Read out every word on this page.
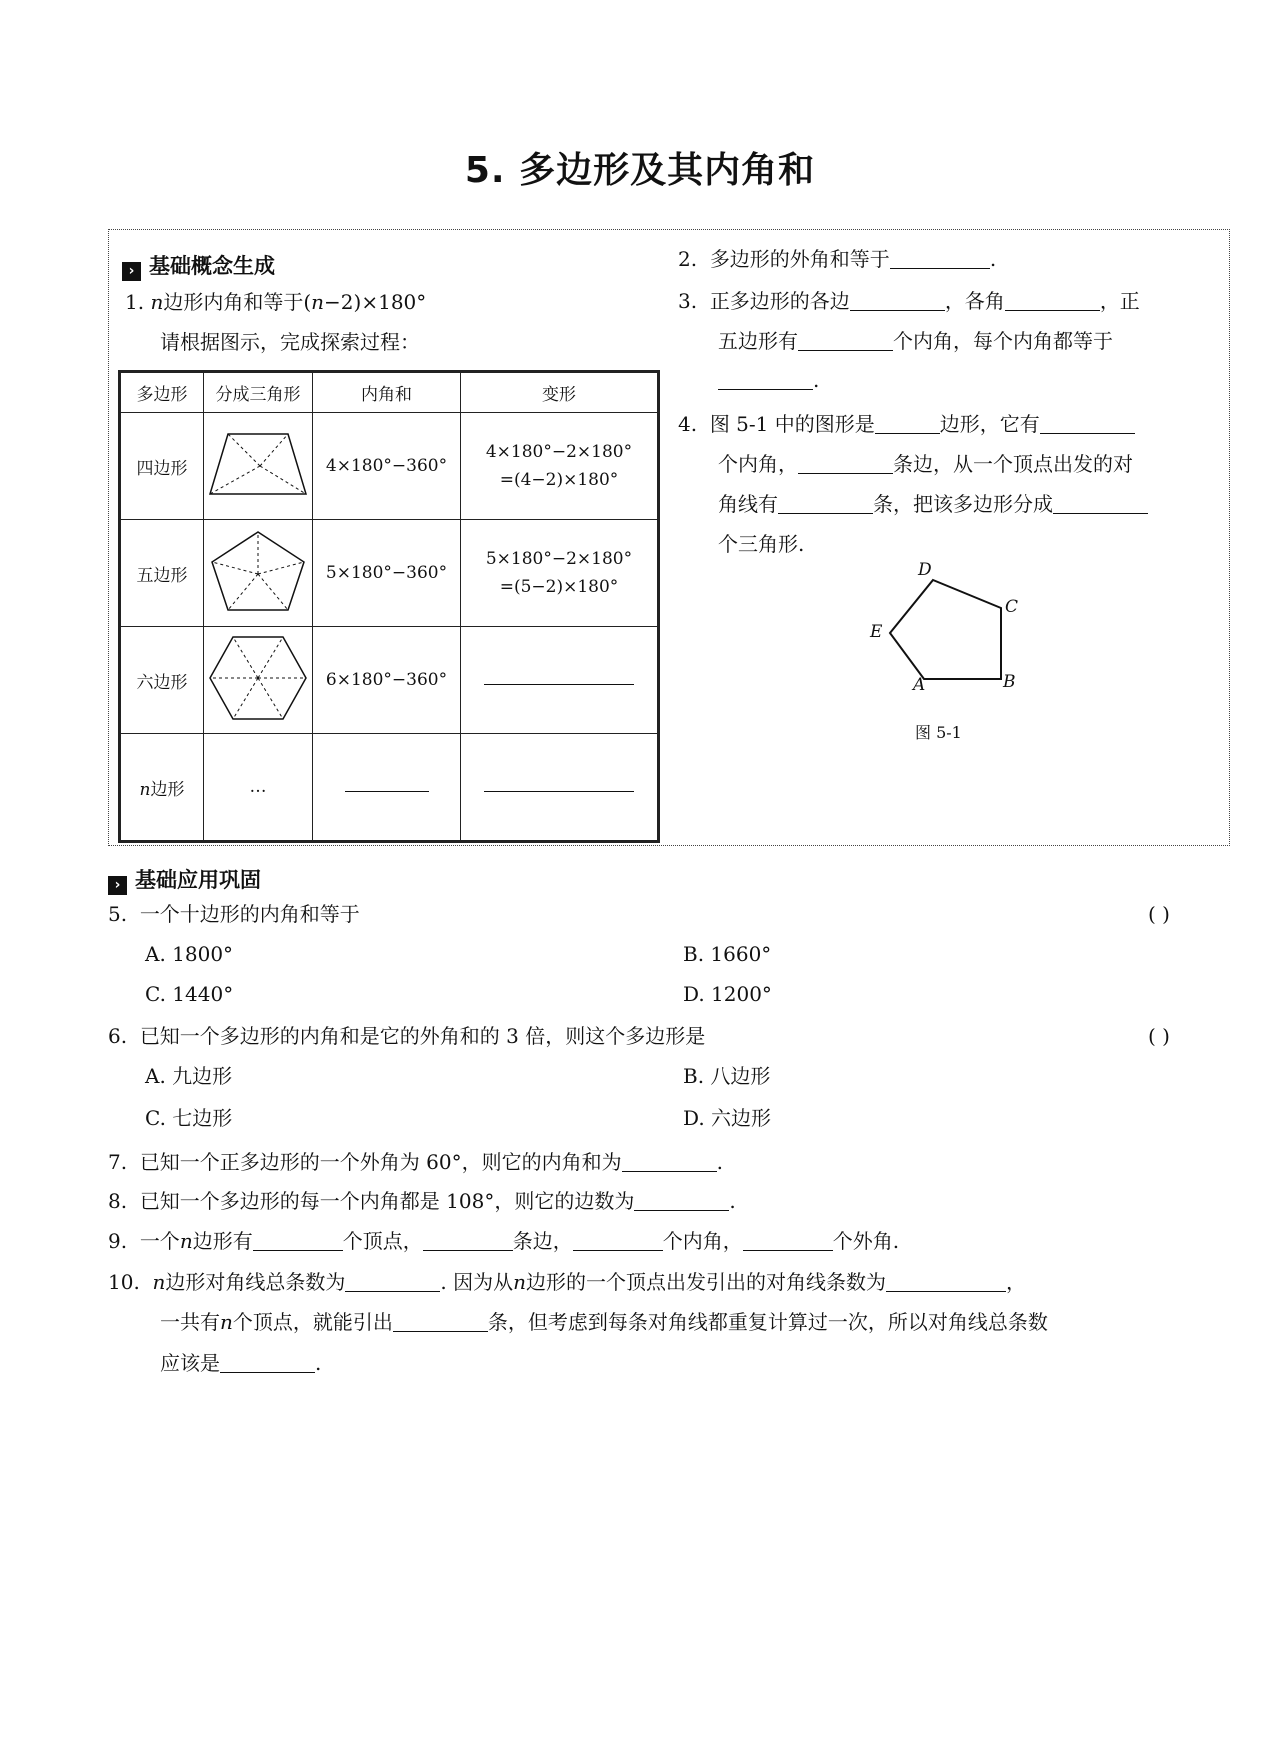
5. 多边形及其内角和
› 基础概念生成
1. n边形内角和等于(n−2)×180°
请根据图示，完成探索过程：
多边形	分成三角形	内角和	变形
四边形		4×180°−360°	4×180°−2×180°
=(4−2)×180°

五边形		5×180°−360°	5×180°−2×180°
=(5−2)×180°

六边形		6×180°−360°	
n边形	…		
2. 多边形的外角和等于	.
3. 正多边形的各边	，各角	，正
五边形有	个内角，每个内角都等于
.
4. 图 5-1 中的图形是	边形，它有
个内角，	条边，从一个顶点出发的对
角线有	条，把该多边形分成
个三角形.
D
C
E
A	B
图 5-1
› 基础应用巩固
5. 一个十边形的内角和等于	( )
A. 1800°	B. 1660°
C. 1440°	D. 1200°
6. 已知一个多边形的内角和是它的外角和的 3 倍，则这个多边形是	( )
A. 九边形	B. 八边形
C. 七边形	D. 六边形
7. 已知一个正多边形的一个外角为 60°，则它的内角和为	.
8. 已知一个多边形的每一个内角都是 108°，则它的边数为	.
9. 一个n边形有	个顶点，	条边，	个内角，	个外角.
10. n边形对角线总条数为	. 因为从n边形的一个顶点出发引出的对角线条数为	，
一共有n个顶点，就能引出	条，但考虑到每条对角线都重复计算过一次，所以对角线总条数
应该是	.
